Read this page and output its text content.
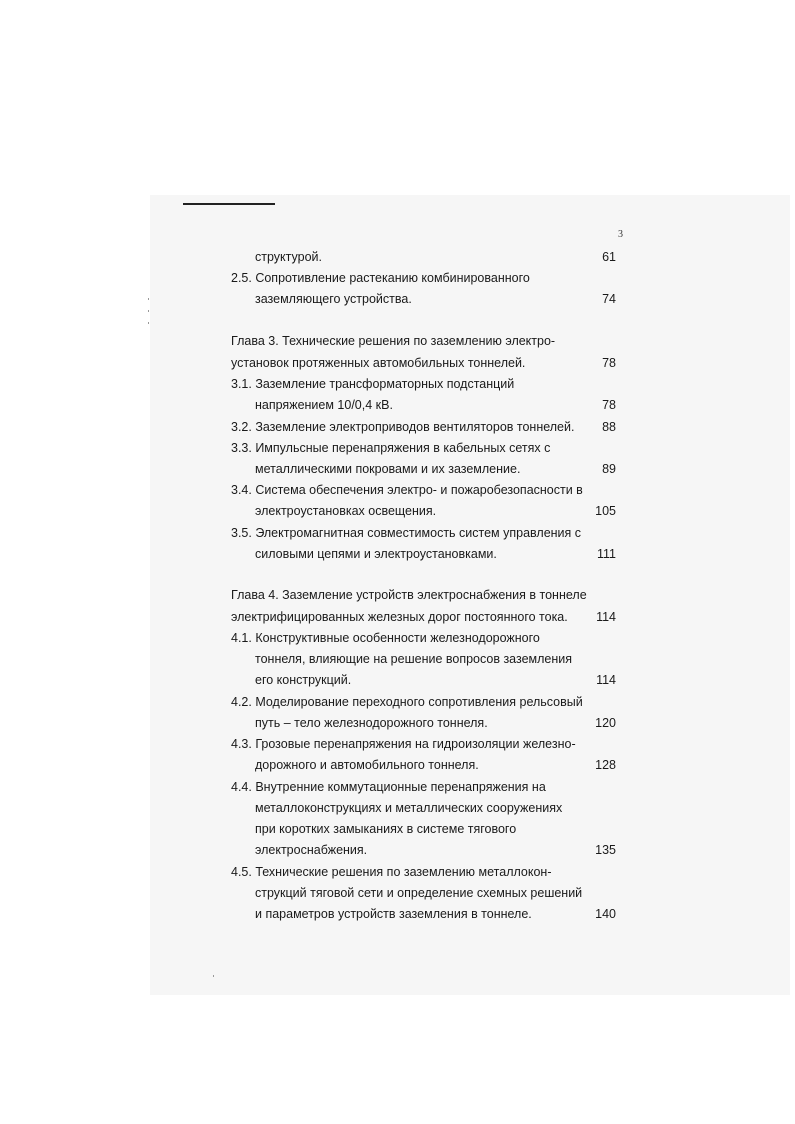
3
структурой.	61
2.5. Сопротивление растеканию комбинированного
заземляющего устройства.	74
Глава 3. Технические решения по заземлению электро-
установок протяженных автомобильных тоннелей.	78
3.1. Заземление трансформаторных подстанций
напряжением 10/0,4 кВ.	78
3.2. Заземление электроприводов вентиляторов тоннелей. 88
3.3. Импульсные перенапряжения в кабельных сетях с
металлическими покровами и их заземление.	89
3.4. Система обеспечения электро- и пожаробезопасности в
электроустановках освещения.	105
3.5. Электромагнитная совместимость систем управления с
силовыми цепями и электроустановками.	111
Глава 4. Заземление устройств электроснабжения в тоннеле
электрифицированных железных дорог постоянного тока. 114
4.1. Конструктивные особенности железнодорожного
тоннеля, влияющие на решение вопросов заземления
его конструкций.	114
4.2. Моделирование переходного сопротивления рельсовый
путь – тело железнодорожного тоннеля.	120
4.3. Грозовые перенапряжения на гидроизоляции железно-
дорожного и автомобильного тоннеля.	128
4.4. Внутренние коммутационные перенапряжения на
металлоконструкциях и металлических сооружениях
при коротких замыканиях в системе тягового
электроснабжения.	135
4.5. Технические решения по заземлению металлокон-
струкций тяговой сети и определение схемных решений
и параметров устройств заземления в тоннеле.	140
